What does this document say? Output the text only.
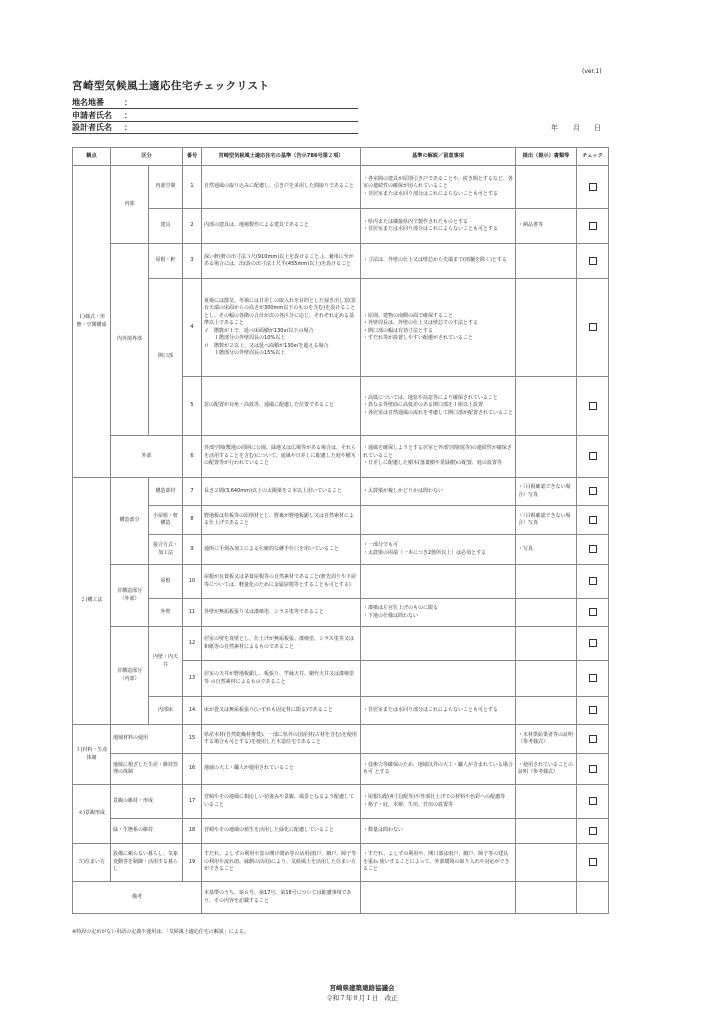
(ver.1)
宮崎型気候風土適応住宅チェックリスト
地名地番	：
申請者氏名 ：
設計者氏名 ：	年 月 日
観点	区分		番号	宮崎型気候風土適応住宅の基準（告示786号第２項）	基準の解説／留意事項	提出（提示）書類等	チェック
１)様式・形態・空間構成	内部	内部空間	1	自然通風の取り込みに配慮し、引き戸を多用した間取りであること	・各室間の建具が原則引き戸であることや、続き間とするなど、各室の連続性の確保が図られていること
・非居室または水回り部分はこれによらないことも可とする		
		建具	2	内部の建具は、地場製作による建具であること	・県内または隣接県内で製作されたものとする
・非居室または水回り部分はこれによらないことも可とする	・納品書等	
	内外境界部	屋根・軒	3	深い軒(軒の出寸法３尺(910mm)以上を設けること。)。兼用に至がある場合には、出(設の出寸法１尺半(455mm)以上)を設けること	・寸法は、外壁の仕上又は壁芯から先端まで(雨樋を除く)とする		
		開口部	4	夏場には散気、冬場には日差しの取入れを目的とした掃き出し窓(窓台天端の床面からの高さが300mm以下のものを含む)を設けることとし、その幅の各階の合計が次の各区分に応じ、それぞれ定める基準以上であること
イ　階数が１で、延べ床面積が130㎡以下の場合
　　１階部分の外壁周長の10%以上
ロ　階数が２以上、又は延べ面積が130㎡を超える場合
　　１階部分の外壁周長の15%以上	・原則、建物の南側の面で確保すること
・外壁周長は、外壁の仕上又は壁芯でのす法とする
・開口部の幅は有効寸法とする
・すだれ等が設置しやすい配慮がされていること		
			5	窓の配置が対角・高低等、通風に配慮した位置であること	・高低については、地窓や高窓等により確保されていること
・異なる外壁面に高低差のある開口部を１組以上設置
・各居室は自然通風の流れを考慮して開口部が配置されていること		
	外部		6	外部空間(敷地の周囲に公園、緑地又は広場等がある場合は、それらを活用することを含む)について、通風や日差しに配慮した庭や樹木の配置等が行われていること	・通風を確保しようとする居室と外部空間(庭等)の連続性が確保されていること
・日差しに配慮した樹木(落葉樹や常緑樹)の配置、庭の設置等		
２)構工法	構造部分	構造部材	7	長さ２間(3,640mm)以上の太陽梁を２本以上用いていること	・太鼓梁が複しかどりかは問わない	・（目視確認できない場合）写真	
		小屋組・軒構造	8	野地板は杉板等の原倒材とし、野裏が野地板顕し又は自然素材による仕上げであること		・（目視確認できない場合）写真	
		接合方式・加工法	9	通所に手刻み加工による伝統的な継手仕口を用いていること	・一部分でも可
・太鼓梁の両端（一本につき2箇所以上）は必須とする	・写真	
	非構造部分（外部）	屋根	10	屋根が瓦葺板又は茅葺屋根等の自然素材であること(軒先周りや下屋等については、軽量化のために金属屋根等とすることも可とする)			
		外壁	11	外壁が無垢板張り又は漆喰塗、シラス塗等であること	・漆喰は左官仕上げのものに限る
・下地の仕様は問わない		
	非構造部分（内部）	内壁・内天井	12	居室の壁を真壁とし、仕上げが無垢板張、漆喰塗、シラス塗等又は和紙等の自然素材によるものであること			
			13	居室の天井が野地板顕し、板張り、竿縁天井、網代天井又は漆喰塗等 の自然素材によるものであること			
		内部床	14	床が畳又は無垢板張り(いずれも固定材に限る)であること	・非居室または水回り部分はこれによらないことも可とする		
３)材料・生産体制	地域材料の使用		15	県産木材(自然乾燥材推奨)、一部に県外の国産材(古材を含む)を使用する場合も可とする)を使用した木造住宅であること		・木材供給業者等の証明（参考様式）	
	地域に根ざした生産・維持管理の体制		16	地域の大工・職人が使用されていること	・技術力等確保のため、地域以外の大工・職人が含まれている場合も可 とする	・使用されていることの証明（参考様式）	
４)景観形成	景観の維持・形成		17	宮崎やその地域に相応しい切妻みや景観、風景となるよう配慮していること	・屋根勾配(4寸勾配等)や外部仕上げでの材料や色彩への配慮等
・格子・庇、木塀、生垣、竹垣の設置等		
	緑・生態系の維持		18	宮崎やその地域の植生を活用した緑化に配慮していること	・数量は問わない		
５)住まい方	設備に頼らない暮らし、気象変動等を制御・活用する暮らし		19	すだれ、よしずの利用や窓の開け閉め等の活用(雨戸、網戸、障子等の利用や流れ雨、縁側の活用)により、気候風土を活用した住まい方ができること	・すだれ、よしずの利用や、開口部は雨戸、網戸、障子等の建具を重ね 使いすることによって、外部環境の取り入れや対応ができること		
備考				本基準のうち、第６号、第17号、第18号については配慮事項であり、その内容を記載すること			
※特段の定めがない用語の定義や運用は、「気候風土適応住宅の解説」による。
宮崎県建築連絡協議会
令和７年８月１日　改正
